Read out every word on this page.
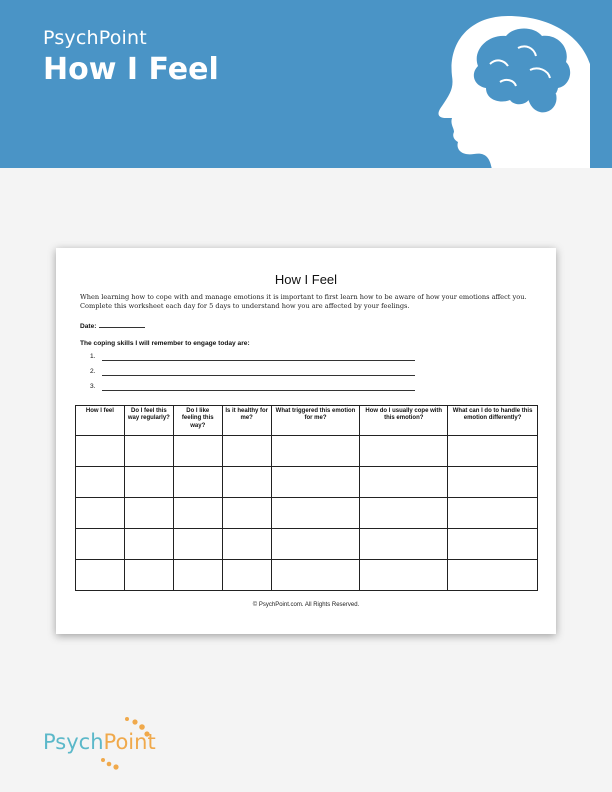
PsychPoint
How I Feel
How I Feel
When learning how to cope with and manage emotions it is important to first learn how to be aware of how your emotions affect you.
Complete this worksheet each day for 5 days to understand how you are affected by your feelings.
Date:
The coping skills I will remember to engage today are:
1.
2.
3.
How I feel	Do I feel this way regularly?	Do I like feeling this way?	Is it healthy for me?	What triggered this emotion for me?	How do I usually cope with this emotion?	What can I do to handle this emotion differently?

© PsychPoint.com. All Rights Reserved.
PsychPoint
